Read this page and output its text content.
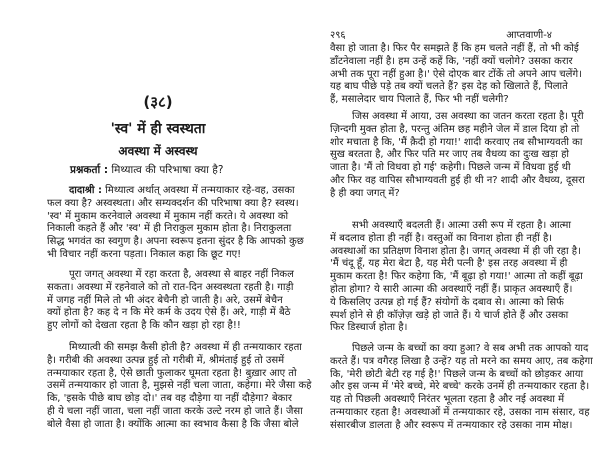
(३८)
'स्व' में ही स्वस्थता
अवस्था में अस्वस्थ
प्रश्नकर्ता : मिथ्यात्व की परिभाषा क्या है?
दादाश्री : मिथ्यात्व अर्थात् अवस्था में तन्मयाकार रहे-वह, उसका
फल क्या है? अस्वस्थता। और सम्यक्दर्शन की परिभाषा क्या है? स्वस्थ।
'स्व' में मुकाम करनेवाले अवस्था में मुकाम नहीं करते। ये अवस्था को
निकाली कहते हैं और 'स्व' में ही निराकुल मुकाम होता है। निराकुलता
सिद्ध भगवंत का स्वगुण है। अपना स्वरूप इतना सुंदर है कि आपको कुछ
भी विचार नहीं करना पड़ता। निकाल कहा कि छूट गए!
पूरा जगत् अवस्था में रहा करता है, अवस्था से बाहर नहीं निकल
सकता। अवस्था में रहनेवाले को तो रात-दिन अस्वस्थता रहती है। गाड़ी
में जगह नहीं मिले तो भी अंदर बेचैनी हो जाती है। अरे, उसमें बेचैन
क्यों होता है? कह दे न कि मेरे कर्म के उदय ऐसे हैं। अरे, गाड़ी में बैठे
हुए लोगों को देखता रहता है कि कौन खड़ा हो रहा है!!
मिथ्यात्वी की समझ कैसी होती है? अवस्था में ही तन्मयाकार रहता
है। गरीबी की अवस्था उत्पन्न हुई तो गरीबी में, श्रीमंताई हुई तो उसमें
तन्मयाकार रहता है, ऐसे छाती फुलाकर घूमता रहता है! बुख़ार आए तो
उसमें तन्मयाकार हो जाता है, मुझसे नहीं चला जाता, कहेगा। मेरे जैसा कहे
कि, 'इसके पीछे बाघ छोड़ दो।' तब वह दौड़ेगा या नहीं दौड़ेगा? बेकार
ही ये चला नहीं जाता, चला नहीं जाता करके उल्टे नरम हो जाते हैं। जैसा
बोले वैसा हो जाता है। क्योंकि आत्मा का स्वभाव कैसा है कि जैसा बोले
२९६	आप्तवाणी-४
वैसा हो जाता है। फिर पैर समझते हैं कि हम चलते नहीं हैं, तो भी कोई
डाँटनेवाला नहीं है। हम उन्हें कहें कि, 'नहीं क्यों चलोगे? उसका करार
अभी तक पूरा नहीं हुआ है।' ऐसे दोएक बार टोंकें तो अपने आप चलेंगे।
यह बाघ पीछे पड़े तब क्यों चलते हैं? इस देह को खिलाते हैं, पिलाते
हैं, मसालेदार चाय पिलाते हैं, फिर भी नहीं चलेगी?
जिस अवस्था में आया, उस अवस्था का जतन करता रहता है। पूरी
ज़िन्दगी मुक्त होता है, परन्तु अंतिम छह महीने जेल में डाल दिया हो तो
शोर मचाता है कि, 'मैं क़ैदी हो गया!' शादी करवाए तब सौभाग्यवती का
सुख बरतता है, और फिर पति मर जाए तब वैधव्य का दुःख खड़ा हो
जाता है। 'मैं तो विधवा हो गई' कहेगी। पिछले जन्म में विधवा हुई थी
और फिर वह वापिस सौभाग्यवती हुई ही थी न? शादी और वैधव्य, दूसरा
है ही क्या जगत् में?
सभी अवस्थाएँ बदलती हैं। आत्मा उसी रूप में रहता है। आत्मा
में बदलाव होता ही नहीं है। वस्तुओं का विनाश होता ही नहीं है।
अवस्थाओं का प्रतिक्षण विनाश होता है। जगत् अवस्था में ही जी रहा है।
'मैं चंदू हूँ, यह मेरा बेटा है, यह मेरी पत्नी है' इस तरह अवस्था में ही
मुकाम करता है! फिर कहेगा कि, 'मैं बूढ़ा हो गया!' आत्मा तो कहीं बूढ़ा
होता होगा? ये सारी आत्मा की अवस्थाएँ नहीं हैं। प्राकृत अवस्थाएँ हैं।
ये किसलिए उत्पन्न हो गई हैं? संयोगों के दबाव से। आत्मा को सिर्फ
स्पर्श होने से ही कॉज़ेज़ खड़े हो जाते हैं। ये चार्ज होते हैं और उसका
फिर डिस्चार्ज होता है।
पिछले जन्म के बच्चों का क्या हुआ? वे सब अभी तक आपको याद
करते हैं। पत्र वगैरह लिखा है उन्हें? यह तो मरने का समय आए, तब कहेगा
कि, 'मेरी छोटी बेटी रह गई है!' पिछले जन्म के बच्चों को छोड़कर आया
और इस जन्म में 'मेरे बच्चे, मेरे बच्चे' करके उनमें ही तन्मयाकार रहता है।
यह तो पिछली अवस्थाएँ निरंतर भूलता रहता है और नई अवस्था में
तन्मयाकार रहता है! अवस्थाओं में तन्मयाकार रहे, उसका नाम संसार, वह
संसारबीज डालता है और स्वरूप में तन्मयाकार रहे उसका नाम मोक्ष।
